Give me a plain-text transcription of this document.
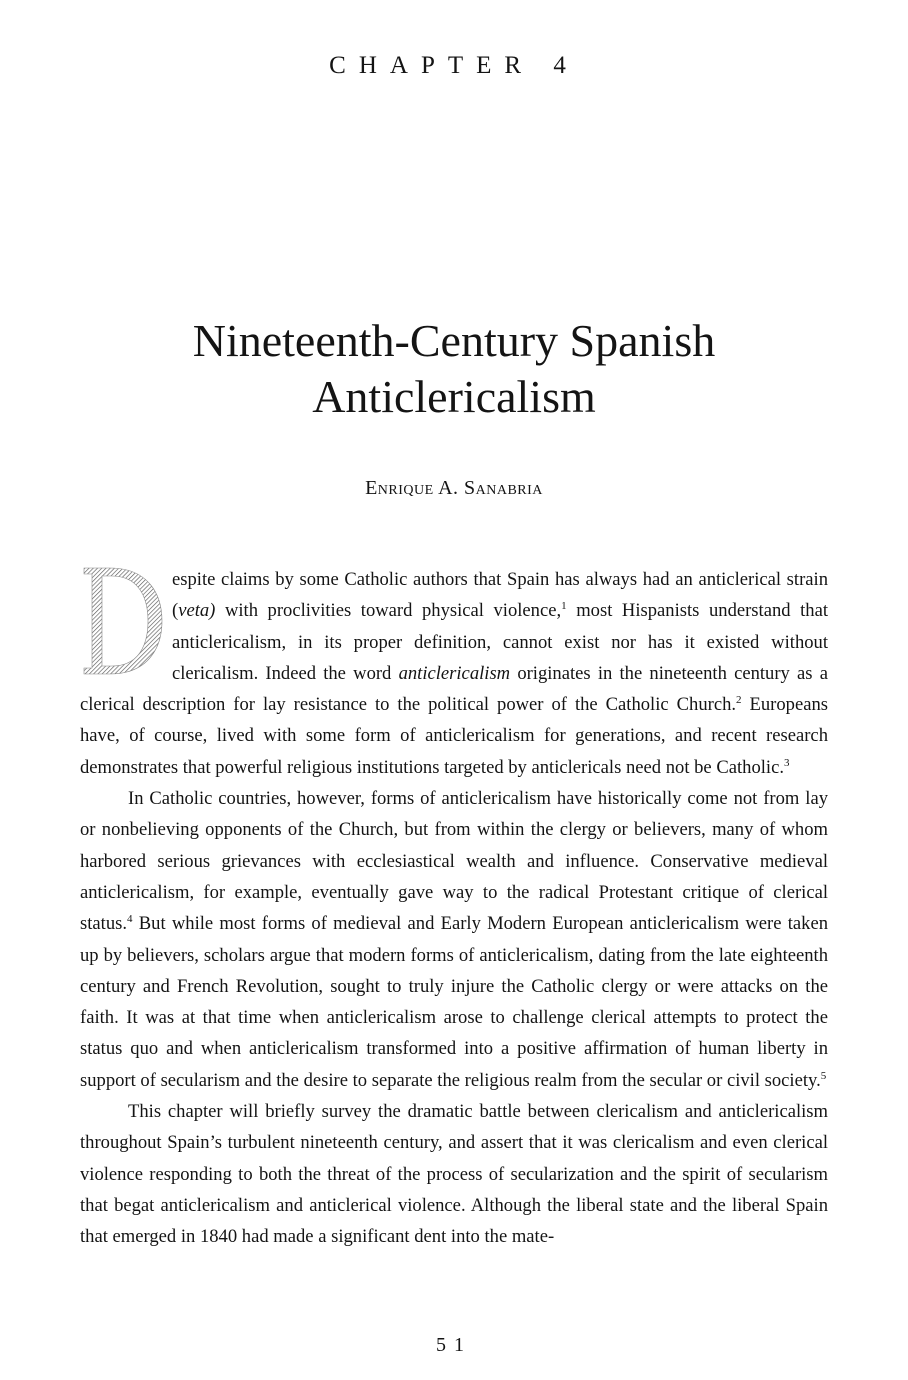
CHAPTER 4
Nineteenth-Century Spanish
Anticlericalism
Enrique A. Sanabria

espite claims by some Catholic authors that Spain has always had an anticlerical strain (veta) with proclivities toward physical violence,$^1$ most Hispanists understand that anticlericalism, in its proper definition, cannot exist nor has it existed without clericalism. Indeed the word anticlericalism originates in the nineteenth century as a clerical description for lay resistance to the political power of the Catholic Church.$^2$ Europeans have, of course, lived with some form of anticlericalism for generations, and recent research demonstrates that powerful religious institutions targeted by anticlericals need not be Catholic.$^3$

In Catholic countries, however, forms of anticlericalism have historically come not from lay or nonbelieving opponents of the Church, but from within the clergy or believers, many of whom harbored serious grievances with ecclesiastical wealth and influence. Conservative medieval anticlericalism, for example, eventually gave way to the radical Protestant critique of clerical status.$^4$ But while most forms of medieval and Early Modern European anticlericalism were taken up by believers, scholars argue that modern forms of anticlericalism, dating from the late eighteenth century and French Revolution, sought to truly injure the Catholic clergy or were attacks on the faith. It was at that time when anticlericalism arose to challenge clerical attempts to protect the status quo and when anticlericalism transformed into a positive affirmation of human liberty in support of secularism and the desire to separate the religious realm from the secular or civil society.$^5$

This chapter will briefly survey the dramatic battle between clericalism and anticlericalism throughout Spain’s turbulent nineteenth century, and assert that it was clericalism and even clerical violence responding to both the threat of the process of secularization and the spirit of secularism that begat anticlericalism and anticlerical violence. Although the liberal state and the liberal Spain that emerged in 1840 had made a significant dent into the mate-

51
